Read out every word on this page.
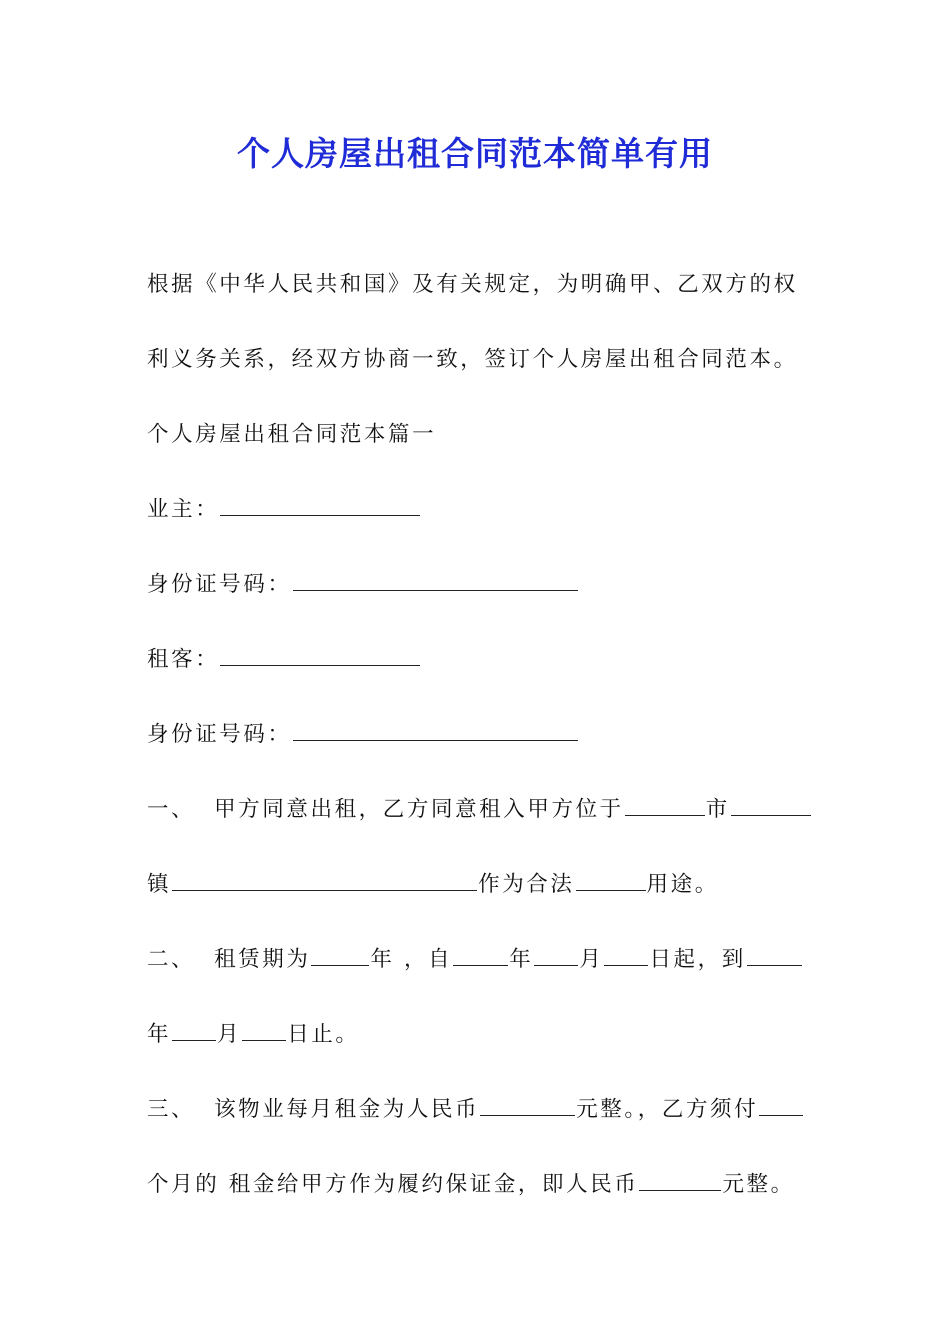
个人房屋出租合同范本简单有用
根据《中华人民共和国》及有关规定，为明确甲、乙双方的权
利义务关系，经双方协商一致，签订个人房屋出租合同范本。
个人房屋出租合同范本篇一
业主：
身份证号码：
租客：
身份证号码：
一、 甲方同意出租，乙方同意租入甲方位于	市
镇	作为合法	用途。
二、 租赁期为	年 ，自	年 月 日起，到
年 月 日止。
三、 该物业每月租金为人民币	元整。，乙方须付
个月的 租金给甲方作为履约保证金，即人民币	元整。
